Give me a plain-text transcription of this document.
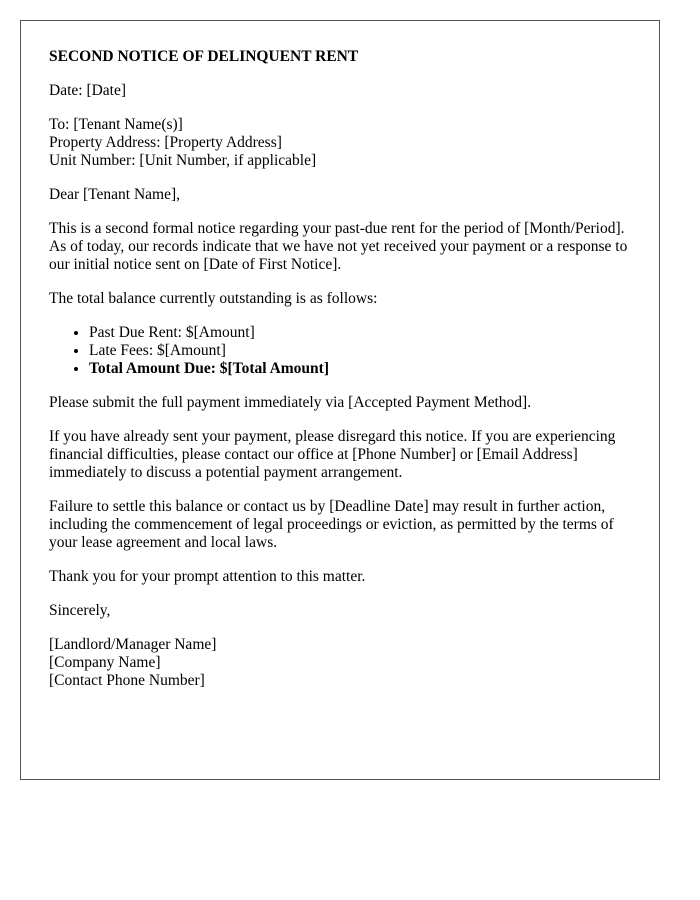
SECOND NOTICE OF DELINQUENT RENT

Date: [Date]

To: [Tenant Name(s)]
Property Address: [Property Address]
Unit Number: [Unit Number, if applicable]

Dear [Tenant Name],

This is a second formal notice regarding your past-due rent for the period of [Month/Period]. As of today, our records indicate that we have not yet received your payment or a response to our initial notice sent on [Date of First Notice].

The total balance currently outstanding is as follows:

• Past Due Rent: $[Amount]
• Late Fees: $[Amount]
• Total Amount Due: $[Total Amount]

Please submit the full payment immediately via [Accepted Payment Method].

If you have already sent your payment, please disregard this notice. If you are experiencing financial difficulties, please contact our office at [Phone Number] or [Email Address] immediately to discuss a potential payment arrangement.

Failure to settle this balance or contact us by [Deadline Date] may result in further action, including the commencement of legal proceedings or eviction, as permitted by the terms of your lease agreement and local laws.

Thank you for your prompt attention to this matter.

Sincerely,

[Landlord/Manager Name]
[Company Name]
[Contact Phone Number]
